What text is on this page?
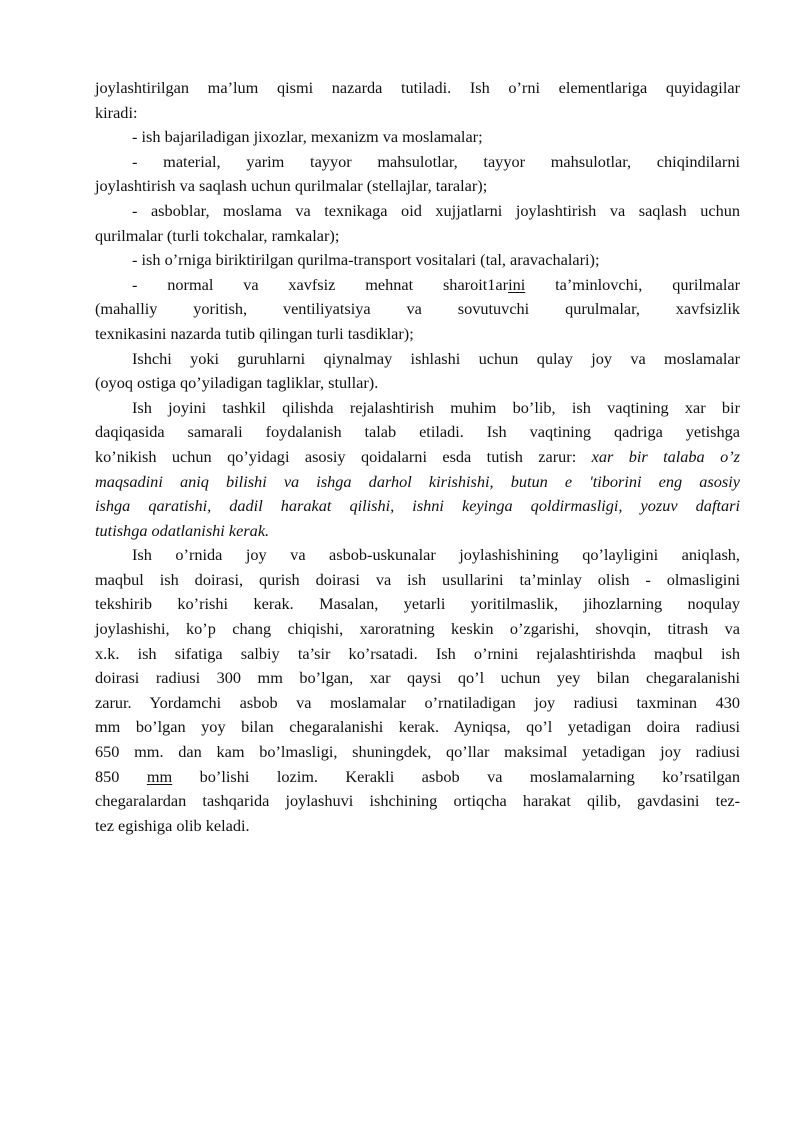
joylashtirilgan ma’lum qismi nazarda tutiladi. Ish o’rni elementlariga quyidagilar
kiradi:
- ish bajariladigan jixozlar, mexanizm va moslamalar;
- material, yarim tayyor mahsulotlar, tayyor mahsulotlar, chiqindilarni
joylashtirish va saqlash uchun qurilmalar (stellajlar, taralar);
- asboblar, moslama va texnikaga oid xujjatlarni joylashtirish va saqlash uchun
qurilmalar (turli tokchalar, ramkalar);
- ish o’rniga biriktirilgan qurilma-transport vositalari (tal, aravachalari);
- normal va xavfsiz mehnat sharoit1arini ta’minlovchi, qurilmalar
(mahalliy yoritish, ventiliyatsiya va sovutuvchi qurulmalar, xavfsizlik
texnikasini nazarda tutib qilingan turli tasdiklar);
Ishchi yoki guruhlarni qiynalmay ishlashi uchun qulay joy va moslamalar
(oyoq ostiga qo’yiladigan tagliklar, stullar).
Ish joyini tashkil qilishda rejalashtirish muhim bo’lib, ish vaqtining xar bir
daqiqasida samarali foydalanish talab etiladi. Ish vaqtining qadriga yetishga
ko’nikish uchun qo’yidagi asosiy qoidalarni esda tutish zarur: xar bir talaba o’z
maqsadini aniq bilishi va ishga darhol kirishishi, butun e 'tiborini eng asosiy
ishga qaratishi, dadil harakat qilishi, ishni keyinga qoldirmasligi, yozuv daftari
tutishga odatlanishi kerak.
Ish o’rnida joy va asbob-uskunalar joylashishining qo’layligini aniqlash,
maqbul ish doirasi, qurish doirasi va ish usullarini ta’minlay olish - olmasligini
tekshirib ko’rishi kerak. Masalan, yetarli yoritilmaslik, jihozlarning noqulay
joylashishi, ko’p chang chiqishi, xaroratning keskin o’zgarishi, shovqin, titrash va
x.k. ish sifatiga salbiy ta’sir ko’rsatadi. Ish o’rnini rejalashtirishda maqbul ish
doirasi radiusi 300 mm bo’lgan, xar qaysi qo’l uchun yey bilan chegaralanishi
zarur. Yordamchi asbob va moslamalar o’rnatiladigan joy radiusi taxminan 430
mm bo’lgan yoy bilan chegaralanishi kerak. Ayniqsa, qo’l yetadigan doira radiusi
650 mm. dan kam bo’lmasligi, shuningdek, qo’llar maksimal yetadigan joy radiusi
850 mm bo’lishi lozim. Kerakli asbob va moslamalarning ko’rsatilgan
chegaralardan tashqarida joylashuvi ishchining ortiqcha harakat qilib, gavdasini tez-
tez egishiga olib keladi.
